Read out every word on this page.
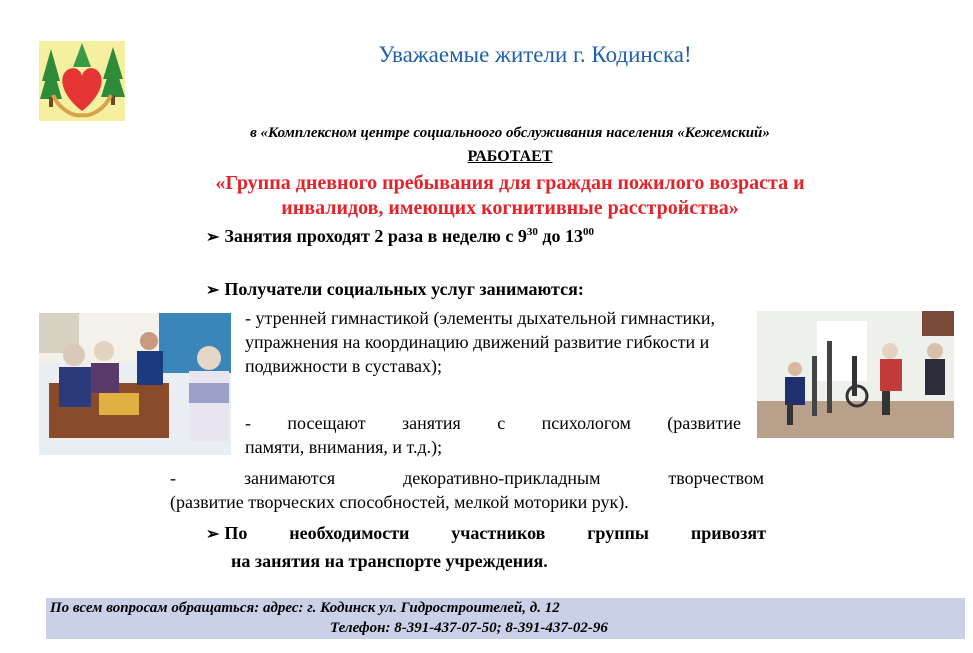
Уважаемые жители г. Кодинска!
в «Комплексном центре социальноого обслуживания населения «Кежемский»
РАБОТАЕТ
«Группа дневного пребывания для граждан пожилого возраста и
инвалидов, имеющих когнитивные расстройства»
➢ Занятия проходят 2 раза в неделю с $9^{30}$ до $13^{00}$
➢ Получатели социальных услуг занимаются:
- утренней гимнастикой (элементы дыхательной гимнастики, упражнения на координацию движений развитие гибкости и подвижности в суставах);
- посещают занятия с психологом (развитие
памяти, внимания, и т.д.);
- занимаются декоративно-прикладным творчеством
(развитие творческих способностей, мелкой моторики рук).
➢ По необходимости участников группы привозят
на занятия на транспорте учреждения.
По всем вопросам обращаться: адрес: г. Кодинск ул. Гидростроителей, д. 12
Телефон: 8-391-437-07-50; 8-391-437-02-96
